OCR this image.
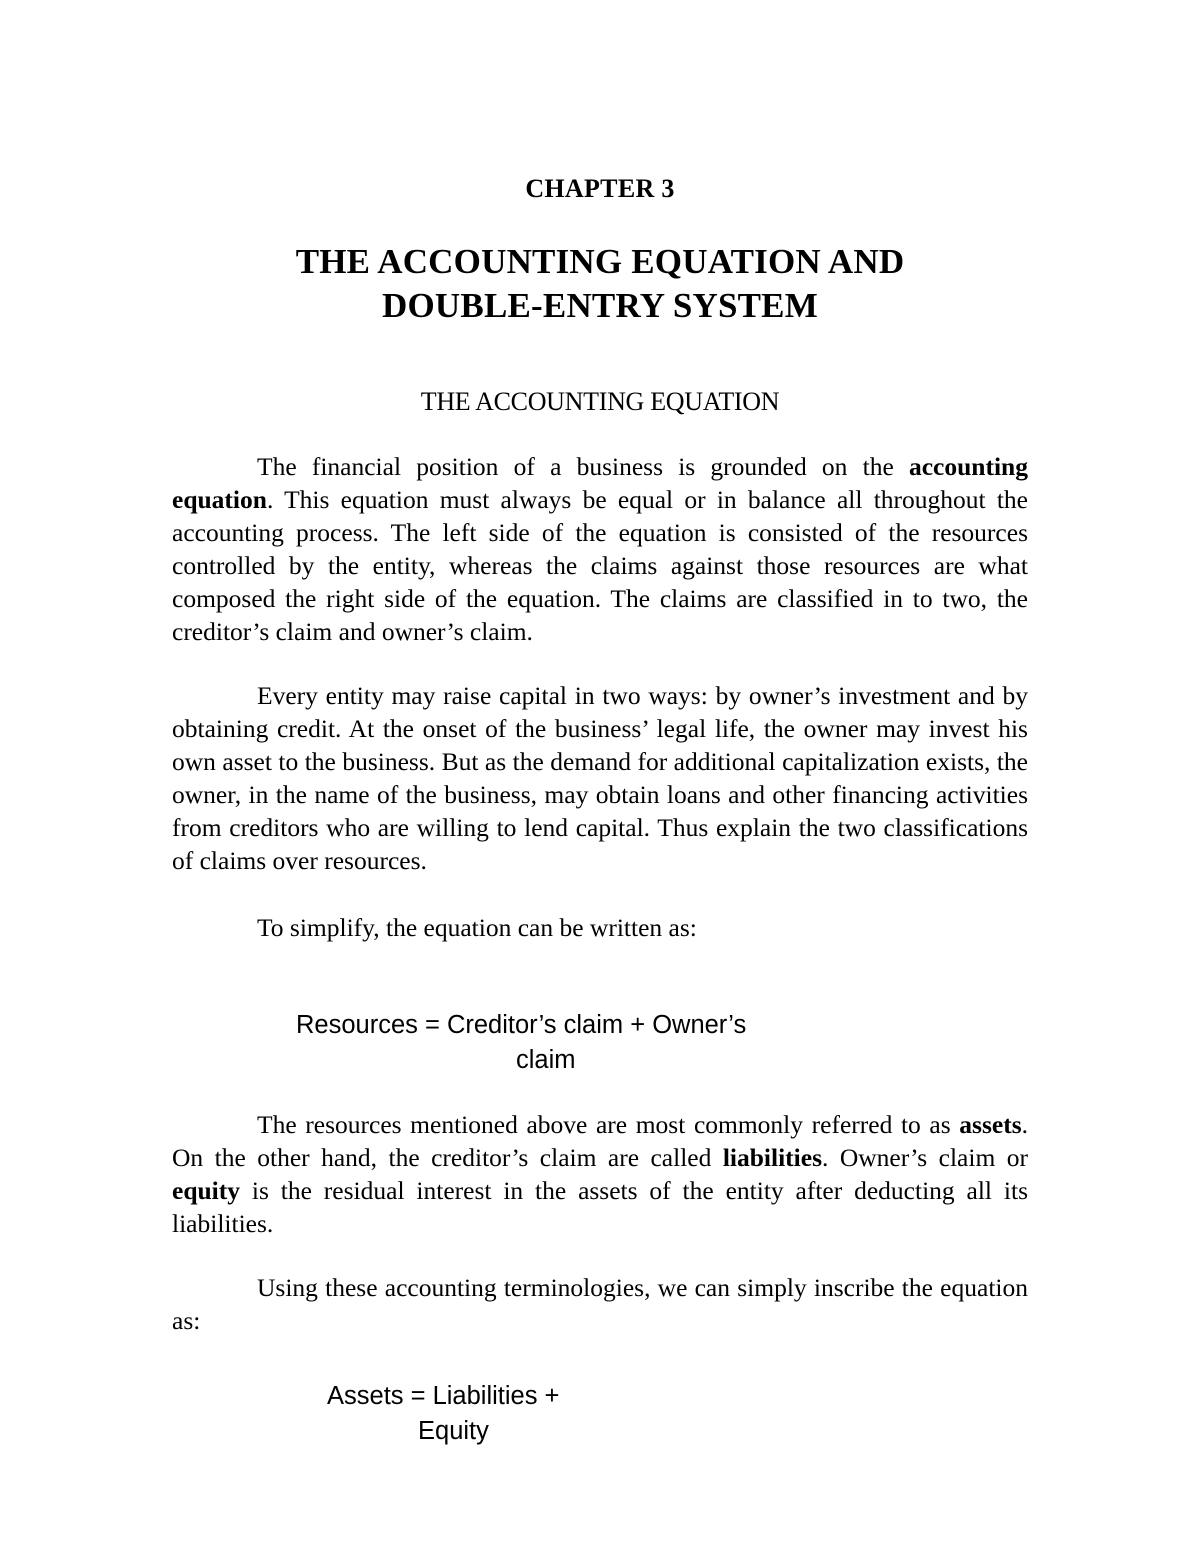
CHAPTER 3
THE ACCOUNTING EQUATION AND
DOUBLE-ENTRY SYSTEM
THE ACCOUNTING EQUATION

The financial position of a business is grounded on the accounting equation. This equation must always be equal or in balance all throughout the accounting process. The left side of the equation is consisted of the resources controlled by the entity, whereas the claims against those resources are what composed the right side of the equation. The claims are classified in to two, the creditor’s claim and owner’s claim.

Every entity may raise capital in two ways: by owner’s investment and by obtaining credit. At the onset of the business’ legal life, the owner may invest his own asset to the business. But as the demand for additional capitalization exists, the owner, in the name of the business, may obtain loans and other financing activities from creditors who are willing to lend capital. Thus explain the two classifications of claims over resources.

To simplify, the equation can be written as:

Resources = Creditor’s claim + Owner’s
claim

The resources mentioned above are most commonly referred to as assets. On the other hand, the creditor’s claim are called liabilities. Owner’s claim or equity is the residual interest in the assets of the entity after deducting all its liabilities.

Using these accounting terminologies, we can simply inscribe the equation as:

Assets = Liabilities +
Equity
